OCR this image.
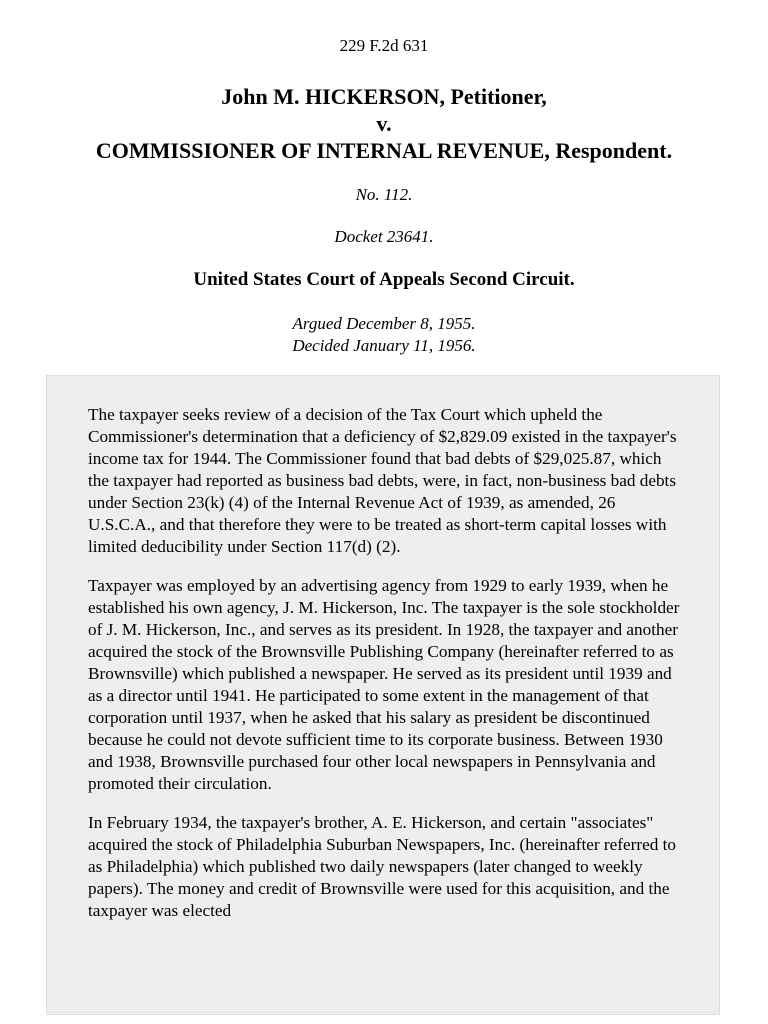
229 F.2d 631
John M. HICKERSON, Petitioner,
v.
COMMISSIONER OF INTERNAL REVENUE, Respondent.
No. 112.
Docket 23641.
United States Court of Appeals Second Circuit.
Argued December 8, 1955.
Decided January 11, 1956.

The taxpayer seeks review of a decision of the Tax Court which upheld the Commissioner's determination that a deficiency of $2,829.09 existed in the taxpayer's income tax for 1944. The Commissioner found that bad debts of $29,025.87, which the taxpayer had reported as business bad debts, were, in fact, non-business bad debts under Section 23(k) (4) of the Internal Revenue Act of 1939, as amended, 26 U.S.C.A., and that therefore they were to be treated as short-term capital losses with limited deducibility under Section 117(d) (2).

Taxpayer was employed by an advertising agency from 1929 to early 1939, when he established his own agency, J. M. Hickerson, Inc. The taxpayer is the sole stockholder of J. M. Hickerson, Inc., and serves as its president. In 1928, the taxpayer and another acquired the stock of the Brownsville Publishing Company (hereinafter referred to as Brownsville) which published a newspaper. He served as its president until 1939 and as a director until 1941. He participated to some extent in the management of that corporation until 1937, when he asked that his salary as president be discontinued because he could not devote sufficient time to its corporate business. Between 1930 and 1938, Brownsville purchased four other local newspapers in Pennsylvania and promoted their circulation.

In February 1934, the taxpayer's brother, A. E. Hickerson, and certain "associates" acquired the stock of Philadelphia Suburban Newspapers, Inc. (hereinafter referred to as Philadelphia) which published two daily newspapers (later changed to weekly papers). The money and credit of Brownsville were used for this acquisition, and the taxpayer was elected
